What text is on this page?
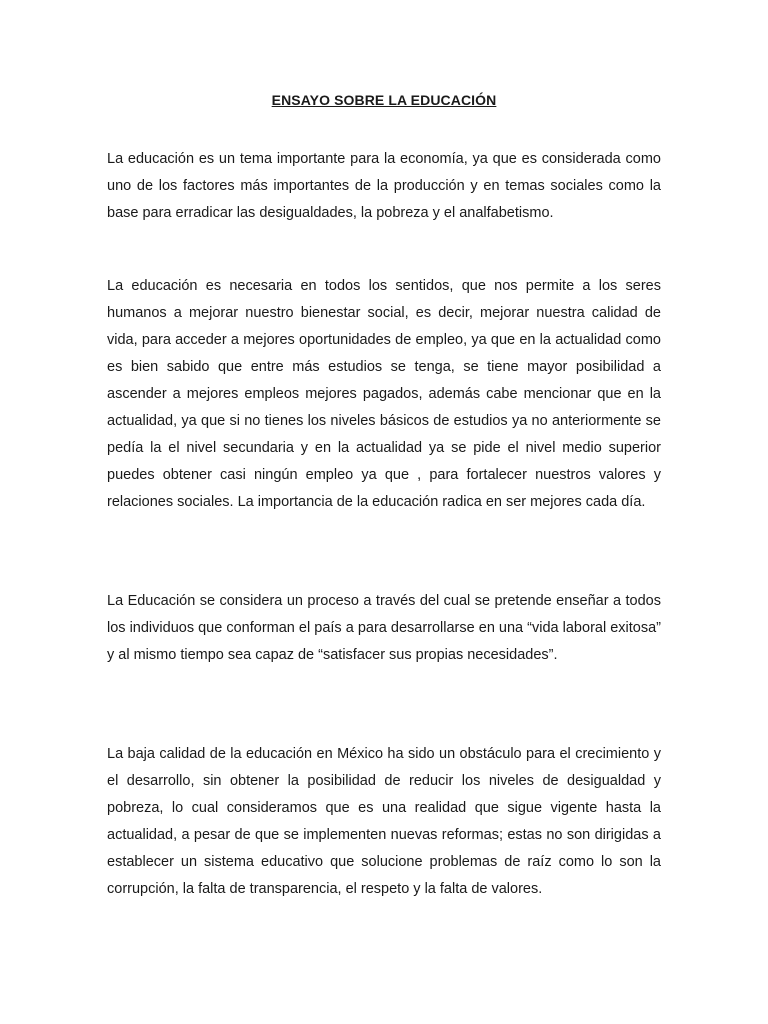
ENSAYO SOBRE LA EDUCACIÓN

La educación es un tema importante para la economía, ya que es considerada como uno de los factores más importantes de la producción y en temas sociales como la base para erradicar las desigualdades, la pobreza y el analfabetismo.

La educación es necesaria en todos los sentidos, que nos permite a los seres humanos a mejorar nuestro bienestar social, es decir, mejorar nuestra calidad de vida, para acceder a mejores oportunidades de empleo, ya que en la actualidad como es bien sabido que entre más estudios se tenga, se tiene mayor posibilidad a ascender a mejores empleos mejores pagados, además cabe mencionar que en la actualidad, ya que si no tienes los niveles básicos de estudios ya no anteriormente se pedía la el nivel secundaria y en la actualidad ya se pide el nivel medio superior puedes obtener casi ningún empleo ya que , para fortalecer nuestros valores y relaciones sociales. La importancia de la educación radica en ser mejores cada día.

La Educación se considera un proceso a través del cual se pretende enseñar a todos los individuos que conforman el país a para desarrollarse en una “vida laboral exitosa” y al mismo tiempo sea capaz de “satisfacer sus propias necesidades”.

La baja calidad de la educación en México ha sido un obstáculo para el crecimiento y el desarrollo, sin obtener la posibilidad de reducir los niveles de desigualdad y pobreza, lo cual consideramos que es una realidad que sigue vigente hasta la actualidad, a pesar de que se implementen nuevas reformas; estas no son dirigidas a establecer un sistema educativo que solucione problemas de raíz como lo son la corrupción, la falta de transparencia, el respeto y la falta de valores.
